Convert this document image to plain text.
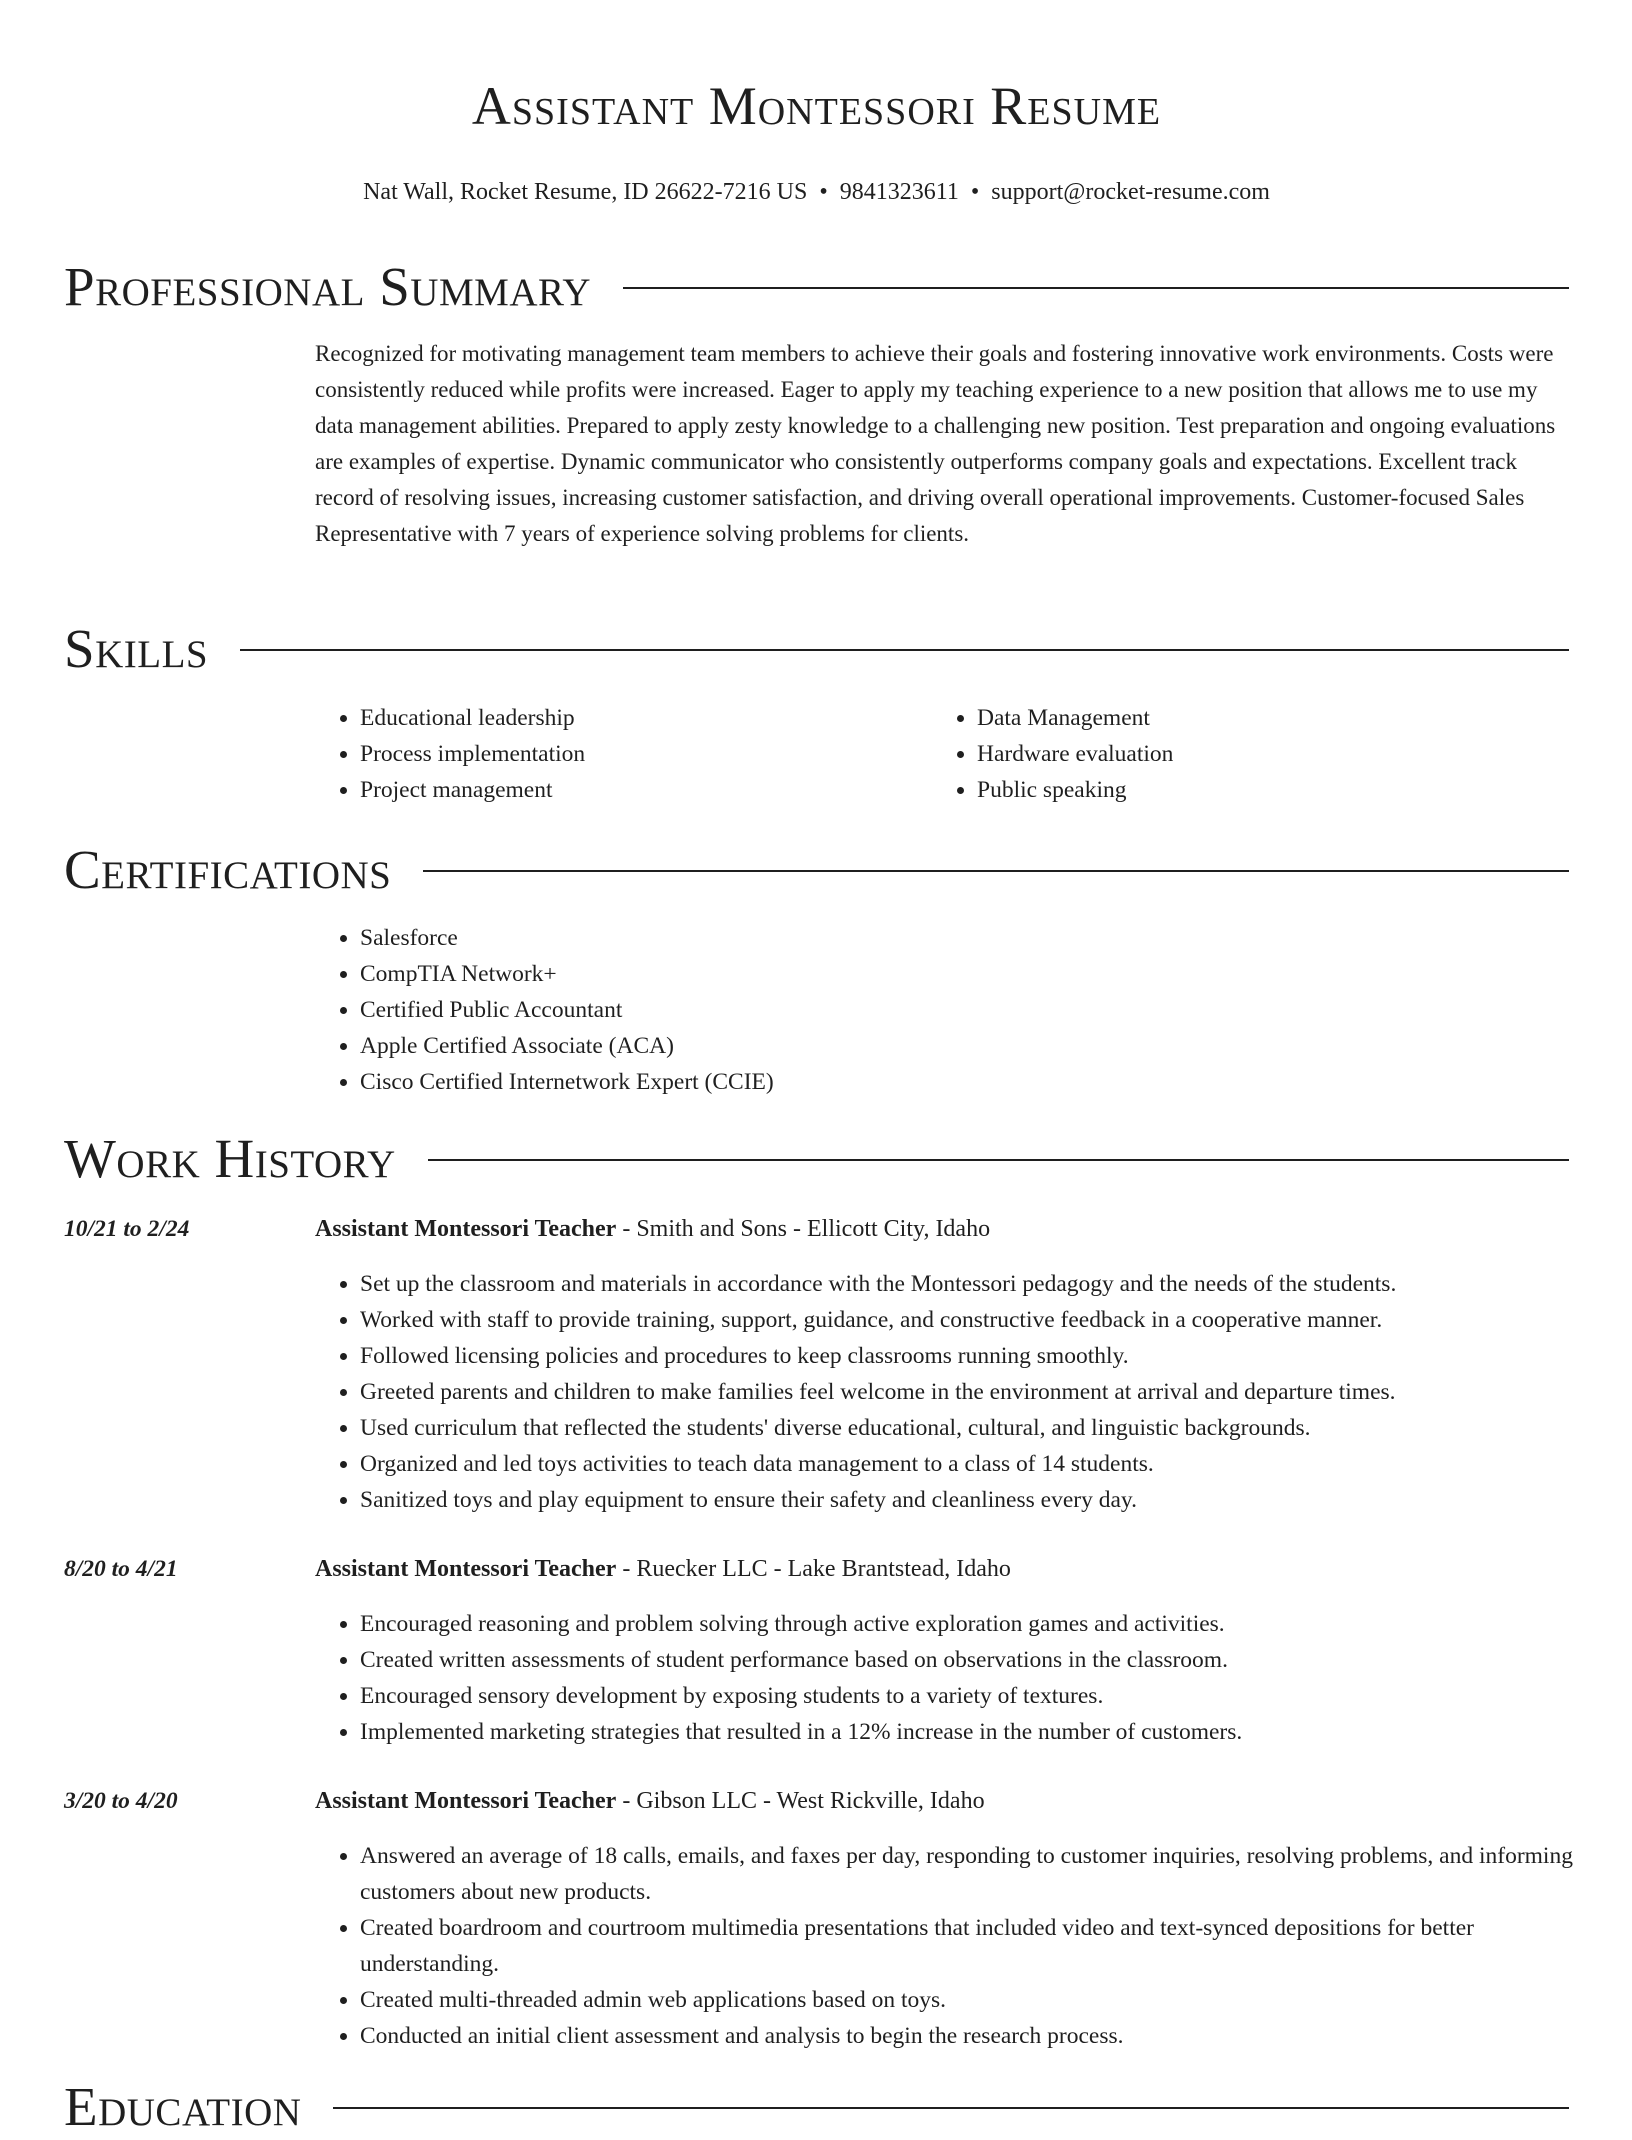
Assistant Montessori Resume
Nat Wall, Rocket Resume, ID 26622-7216 US • 9841323611 • support@rocket-resume.com
Professional Summary

Recognized for motivating management team members to achieve their goals and fostering innovative work environments. Costs were consistently reduced while profits were increased. Eager to apply my teaching experience to a new position that allows me to use my data management abilities. Prepared to apply zesty knowledge to a challenging new position. Test preparation and ongoing evaluations are examples of expertise. Dynamic communicator who consistently outperforms company goals and expectations. Excellent track record of resolving issues, increasing customer satisfaction, and driving overall operational improvements. Customer-focused Sales Representative with 7 years of experience solving problems for clients.

Skills
• Educational leadership
• Process implementation
• Project management
• Data Management
• Hardware evaluation
• Public speaking
Certifications
• Salesforce
• CompTIA Network+
• Certified Public Accountant
• Apple Certified Associate (ACA)
• Cisco Certified Internetwork Expert (CCIE)
Work History
10/21 to 2/24	Assistant Montessori Teacher - Smith and Sons - Ellicott City, Idaho
• Set up the classroom and materials in accordance with the Montessori pedagogy and the needs of the students.
• Worked with staff to provide training, support, guidance, and constructive feedback in a cooperative manner.
• Followed licensing policies and procedures to keep classrooms running smoothly.
• Greeted parents and children to make families feel welcome in the environment at arrival and departure times.
• Used curriculum that reflected the students' diverse educational, cultural, and linguistic backgrounds.
• Organized and led toys activities to teach data management to a class of 14 students.
• Sanitized toys and play equipment to ensure their safety and cleanliness every day.
8/20 to 4/21	Assistant Montessori Teacher - Ruecker LLC - Lake Brantstead, Idaho
• Encouraged reasoning and problem solving through active exploration games and activities.
• Created written assessments of student performance based on observations in the classroom.
• Encouraged sensory development by exposing students to a variety of textures.
• Implemented marketing strategies that resulted in a 12% increase in the number of customers.
3/20 to 4/20	Assistant Montessori Teacher - Gibson LLC - West Rickville, Idaho
• Answered an average of 18 calls, emails, and faxes per day, responding to customer inquiries, resolving problems, and informing customers about new products.
• Created boardroom and courtroom multimedia presentations that included video and text-synced depositions for better understanding.
• Created multi-threaded admin web applications based on toys.
• Conducted an initial client assessment and analysis to begin the research process.
Education
